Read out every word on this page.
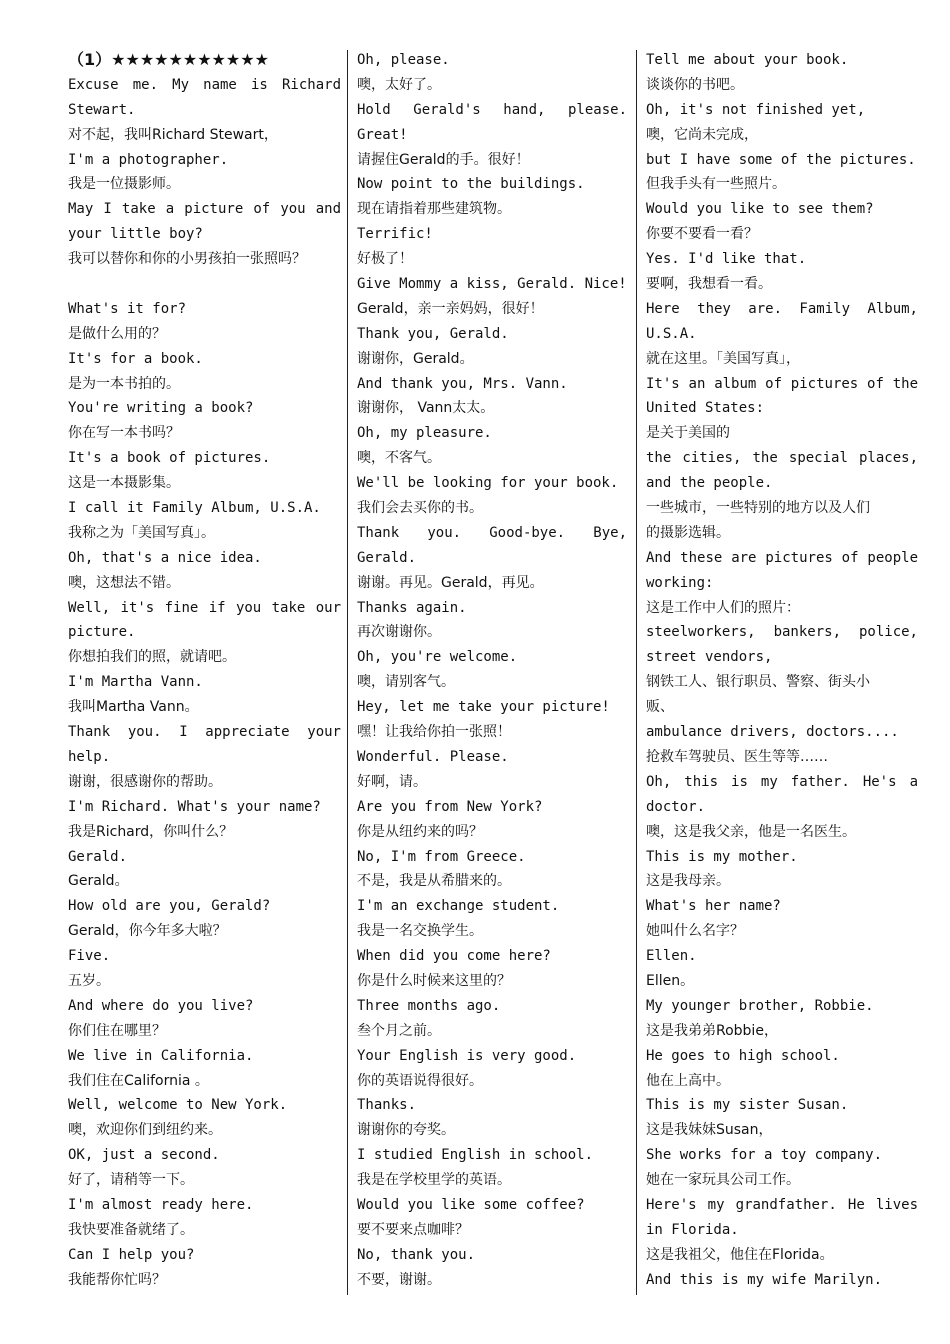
（1）★★★★★★★★★★★
Excuse me. My name is Richard
Stewart.
对不起，我叫Richard Stewart，
I'm a photographer.
我是一位摄影师。
May I take a picture of you and
your little boy?
我可以替你和你的小男孩拍一张照吗？
What's it for?
是做什么用的？
It's for a book.
是为一本书拍的。
You're writing a book?
你在写一本书吗？
It's a book of pictures.
这是一本摄影集。
I call it Family Album, U.S.A.
我称之为「美国写真」。
Oh, that's a nice idea.
噢，这想法不错。
Well, it's fine if you take our
picture.
你想拍我们的照，就请吧。
I'm Martha Vann.
我叫Martha Vann。
Thank you. I appreciate your
help.
谢谢，很感谢你的帮助。
I'm Richard. What's your name?
我是Richard，你叫什么？
Gerald.
Gerald。
How old are you, Gerald?
Gerald，你今年多大啦？
Five.
五岁。
And where do you live?
你们住在哪里？
We live in California.
我们住在California 。
Well, welcome to New York.
噢，欢迎你们到纽约来。
OK, just a second.
好了，请稍等一下。
I'm almost ready here.
我快要准备就绪了。
Can I help you?
我能帮你忙吗？
Oh, please.
噢，太好了。
Hold Gerald's hand, please.
Great!
请握住Gerald的手。很好！
Now point to the buildings.
现在请指着那些建筑物。
Terrific!
好极了！
Give Mommy a kiss, Gerald. Nice!
Gerald，亲一亲妈妈，很好！
Thank you, Gerald.
谢谢你，Gerald。
And thank you, Mrs. Vann.
谢谢你， Vann太太。
Oh, my pleasure.
噢，不客气。
We'll be looking for your book.
我们会去买你的书。
Thank you. Good-bye. Bye,
Gerald.
谢谢。再见。Gerald，再见。
Thanks again.
再次谢谢你。
Oh, you're welcome.
噢，请别客气。
Hey, let me take your picture!
嘿！让我给你拍一张照！
Wonderful. Please.
好啊，请。
Are you from New York?
你是从纽约来的吗？
No, I'm from Greece.
不是，我是从希腊来的。
I'm an exchange student.
我是一名交换学生。
When did you come here?
你是什么时候来这里的？
Three months ago.
叁个月之前。
Your English is very good.
你的英语说得很好。
Thanks.
谢谢你的夸奖。
I studied English in school.
我是在学校里学的英语。
Would you like some coffee?
要不要来点咖啡？
No, thank you.
不要，谢谢。
Tell me about your book.
谈谈你的书吧。
Oh, it's not finished yet,
噢，它尚未完成，
but I have some of the pictures.
但我手头有一些照片。
Would you like to see them?
你要不要看一看？
Yes. I'd like that.
要啊，我想看一看。
Here they are. Family Album,
U.S.A.
就在这里。「美国写真」，
It's an album of pictures of the
United States:
是关于美国的
the cities, the special places,
and the people.
一些城市，一些特别的地方以及人们
的摄影选辑。
And these are pictures of people
working:
这是工作中人们的照片：
steelworkers, bankers, police,
street vendors,
钢铁工人、银行职员、警察、街头小
贩、
ambulance drivers, doctors....
抢救车驾驶员、医生等等……
Oh, this is my father. He's a
doctor.
噢，这是我父亲，他是一名医生。
This is my mother.
这是我母亲。
What's her name?
她叫什么名字？
Ellen.
Ellen。
My younger brother, Robbie.
这是我弟弟Robbie，
He goes to high school.
他在上高中。
This is my sister Susan.
这是我妹妹Susan，
She works for a toy company.
她在一家玩具公司工作。
Here's my grandfather. He lives
in Florida.
这是我祖父，他住在Florida。
And this is my wife Marilyn.
